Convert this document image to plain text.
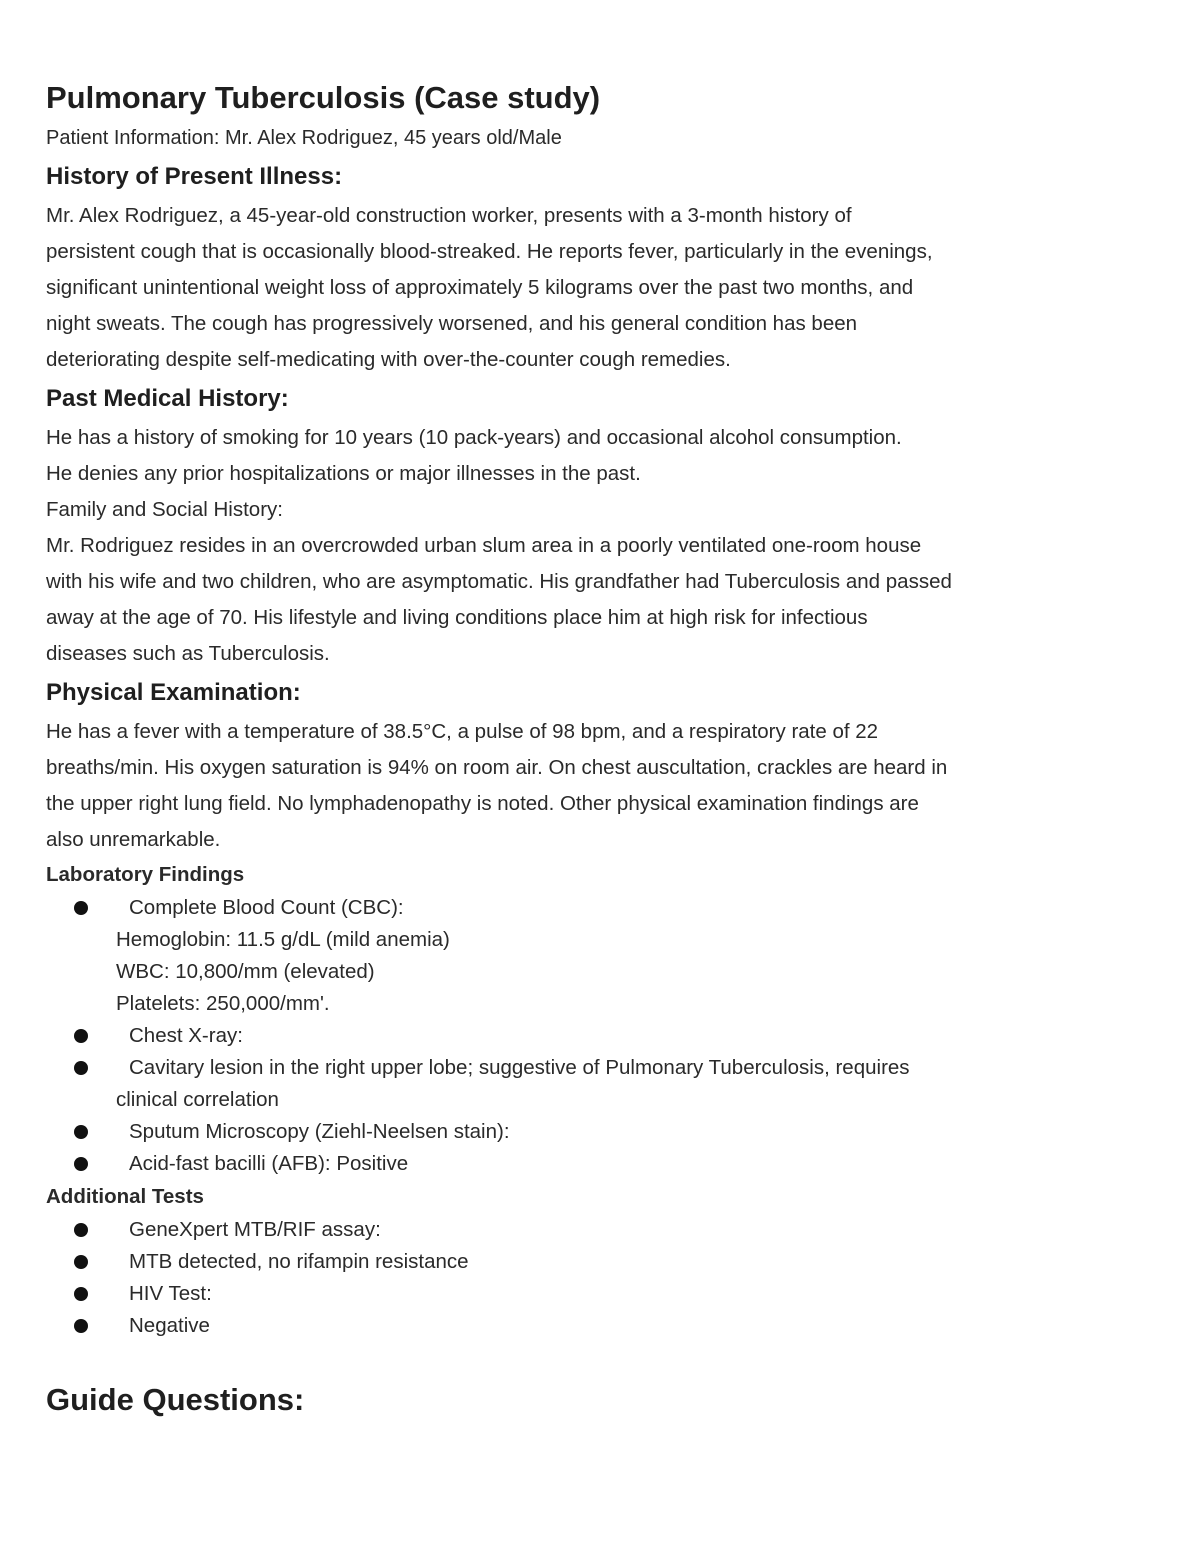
Pulmonary Tuberculosis (Case study)

Patient Information: Mr. Alex Rodriguez, 45 years old/Male

History of Present Illness:

Mr. Alex Rodriguez, a 45-year-old construction worker, presents with a 3-month history of

persistent cough that is occasionally blood-streaked. He reports fever, particularly in the evenings,

significant unintentional weight loss of approximately 5 kilograms over the past two months, and

night sweats. The cough has progressively worsened, and his general condition has been

deteriorating despite self-medicating with over-the-counter cough remedies.

Past Medical History:

He has a history of smoking for 10 years (10 pack-years) and occasional alcohol consumption.

He denies any prior hospitalizations or major illnesses in the past.

Family and Social History:

Mr. Rodriguez resides in an overcrowded urban slum area in a poorly ventilated one-room house

with his wife and two children, who are asymptomatic. His grandfather had Tuberculosis and passed

away at the age of 70. His lifestyle and living conditions place him at high risk for infectious

diseases such as Tuberculosis.

Physical Examination:

He has a fever with a temperature of 38.5°C, a pulse of 98 bpm, and a respiratory rate of 22

breaths/min. His oxygen saturation is 94% on room air. On chest auscultation, crackles are heard in

the upper right lung field. No lymphadenopathy is noted. Other physical examination findings are

also unremarkable.

Laboratory Findings

Complete Blood Count (CBC):
Hemoglobin: 11.5 g/dL (mild anemia)
WBC: 10,800/mm (elevated)
Platelets: 250,000/mm'.
Chest X-ray:
Cavitary lesion in the right upper lobe; suggestive of Pulmonary Tuberculosis, requires
clinical correlation
Sputum Microscopy (Ziehl-Neelsen stain):
Acid-fast bacilli (AFB): Positive

Additional Tests

GeneXpert MTB/RIF assay:
MTB detected, no rifampin resistance
HIV Test:
Negative
Guide Questions:
